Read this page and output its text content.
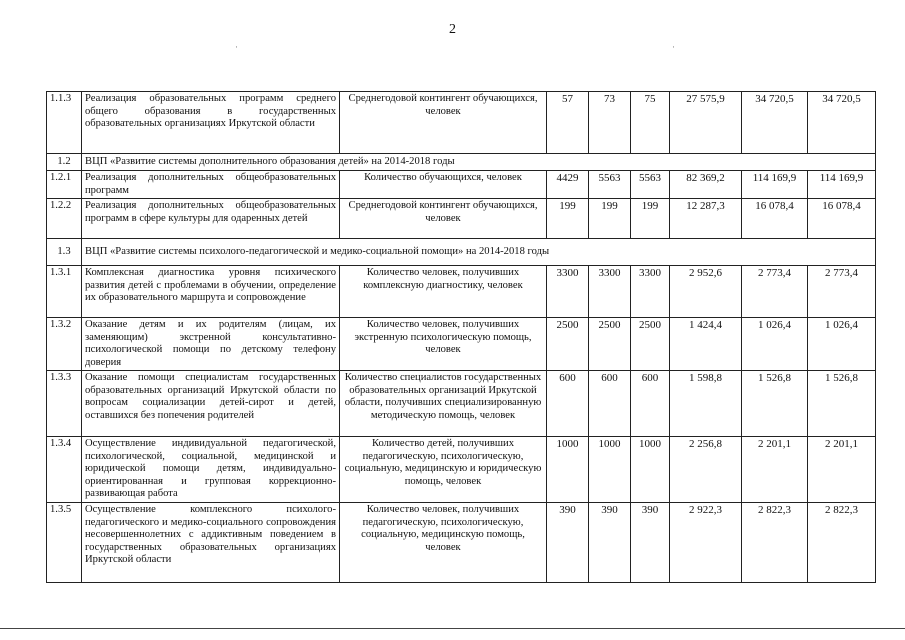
2
·	·
1.1.3	Реализация образовательных программ среднего общего образования в государственных образовательных организациях Иркутской области	Среднегодовой контингент обучающихся, человек	57	73	75	27 575,9	34 720,5	34 720,5
1.2	ВЦП «Развитие системы дополнительного образования детей» на 2014-2018 годы							
1.2.1	Реализация дополнительных общеобразовательных программ	Количество обучающихся, человек	4429	5563	5563	82 369,2	114 169,9	114 169,9
1.2.2	Реализация дополнительных общеобразовательных программ в сфере культуры для одаренных детей	Среднегодовой контингент обучающихся, человек	199	199	199	12 287,3	16 078,4	16 078,4
1.3	ВЦП «Развитие системы психолого-педагогической и медико-социальной помощи» на 2014-2018 годы							
1.3.1	Комплексная диагностика уровня психического развития детей с проблемами в обучении, определение их образовательного маршрута и сопровождение	Количество человек, получивших комплексную диагностику, человек	3300	3300	3300	2 952,6	2 773,4	2 773,4
1.3.2	Оказание детям и их родителям (лицам, их заменяющим) экстренной консультативно-психологической помощи по детскому телефону доверия	Количество человек, получивших экстренную психологическую помощь, человек	2500	2500	2500	1 424,4	1 026,4	1 026,4
1.3.3	Оказание помощи специалистам государственных образовательных организаций Иркутской области по вопросам социализации детей-сирот и детей, оставшихся без попечения родителей	Количество специалистов государственных образовательных организаций Иркутской области, получивших специализированную методическую помощь, человек	600	600	600	1 598,8	1 526,8	1 526,8
1.3.4	Осуществление индивидуальной педагогической, психологической, социальной, медицинской и юридической помощи детям, индивидуально-ориентированная и групповая коррекционно-развивающая работа	Количество детей, получивших педагогическую, психологическую, социальную, медицинскую и юридическую помощь, человек	1000	1000	1000	2 256,8	2 201,1	2 201,1
1.3.5	Осуществление комплексного психолого-педагогического и медико-социального сопровождения несовершеннолетних с аддиктивным поведением в государственных образовательных организациях Иркутской области	Количество человек, получивших педагогическую, психологическую, социальную, медицинскую помощь, человек	390	390	390	2 922,3	2 822,3	2 822,3
